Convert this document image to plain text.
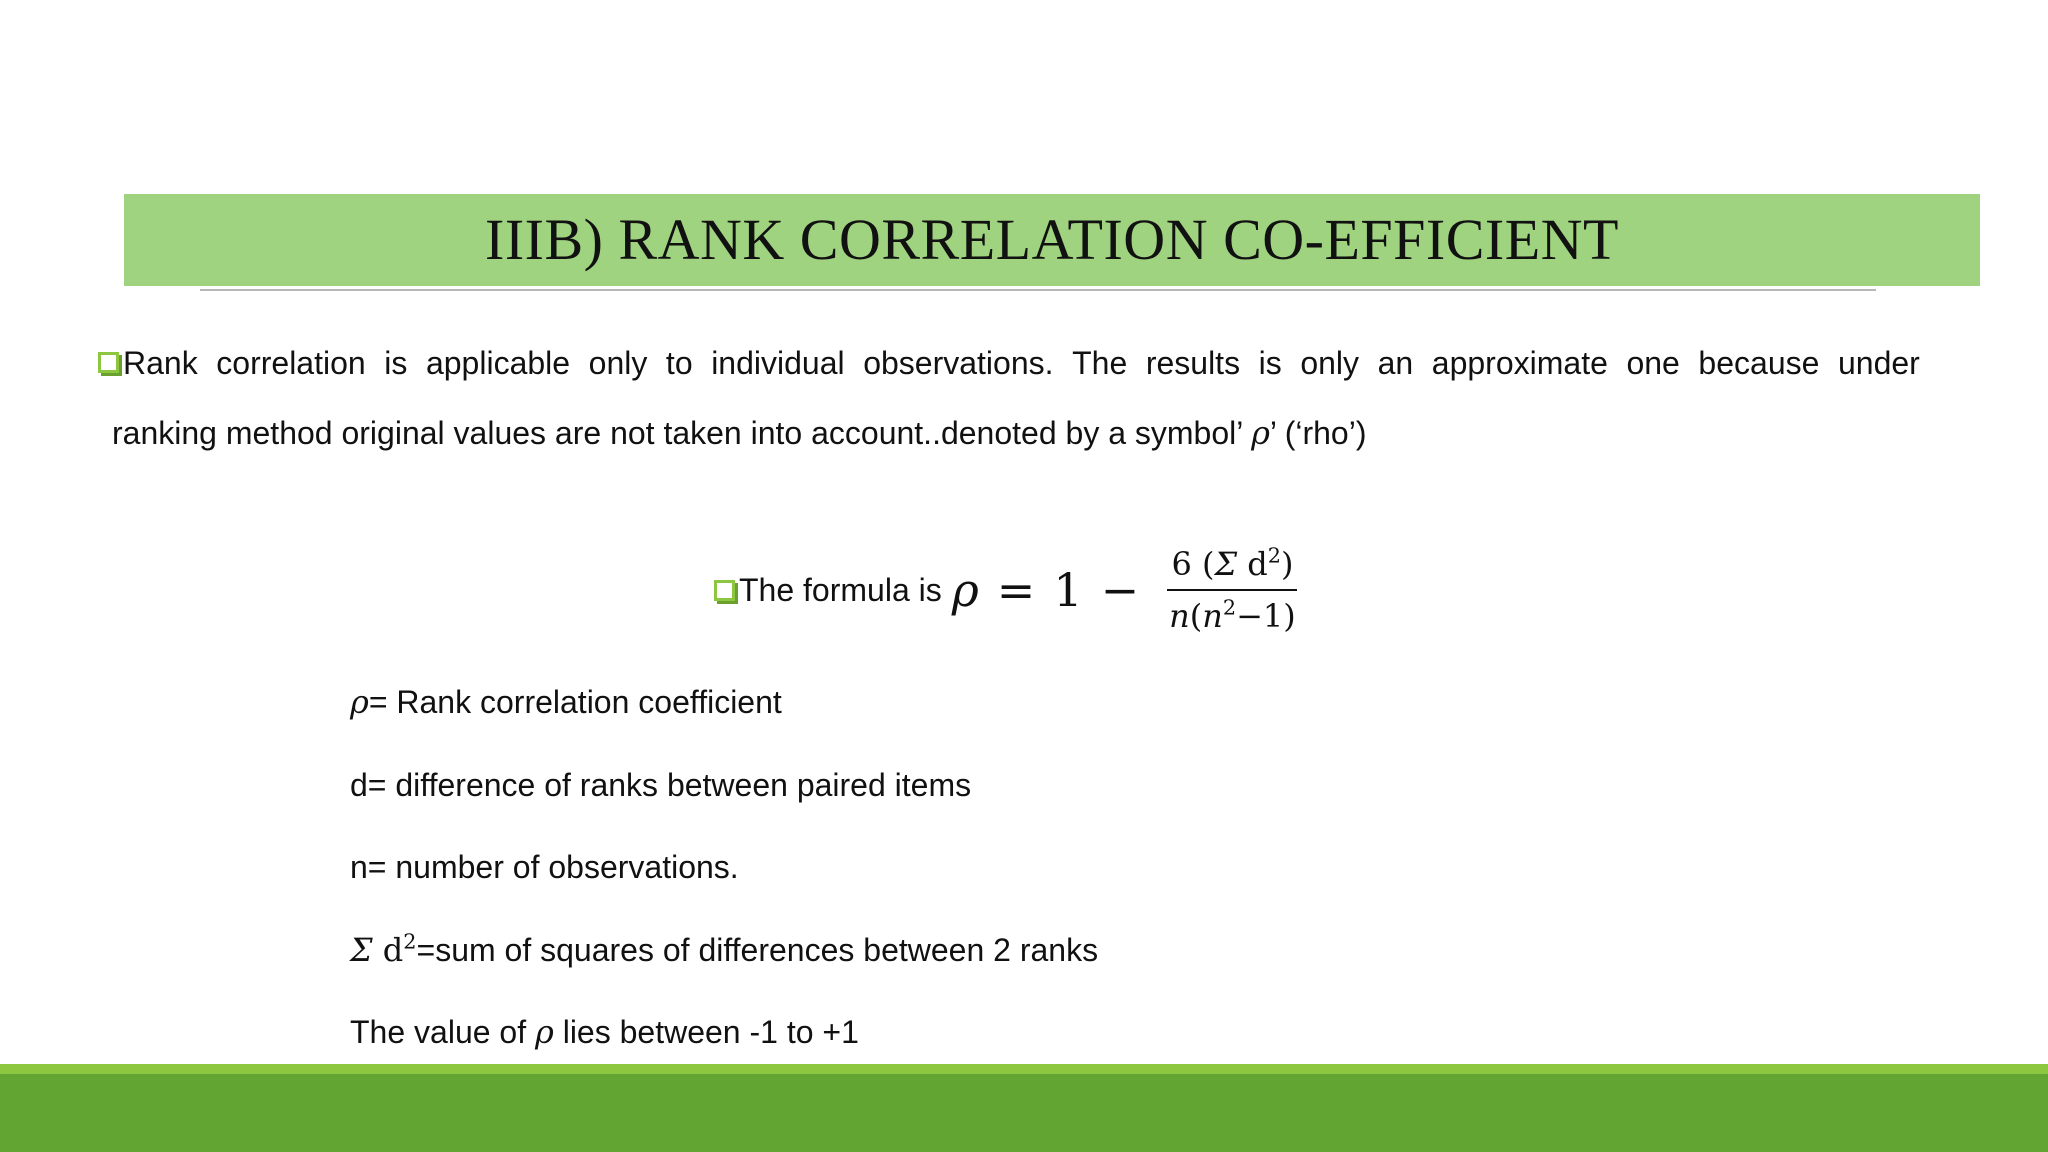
IIIB) RANK CORRELATION CO-EFFICIENT
Rank correlation is applicable only to individual observations. The results is only an approximate one because under
ranking method original values are not taken into account..denoted by a symbol’ ρ’ (‘rho’)
The formula is $\rho = 1 - \frac{6 (\Sigma d^2)}{n(n^2-1)}$
ρ= Rank correlation coefficient
d= difference of ranks between paired items
n= number of observations.
Σ $d^2=sum$ of squares of differences between 2 ranks
The value of ρ lies between -1 to +1
